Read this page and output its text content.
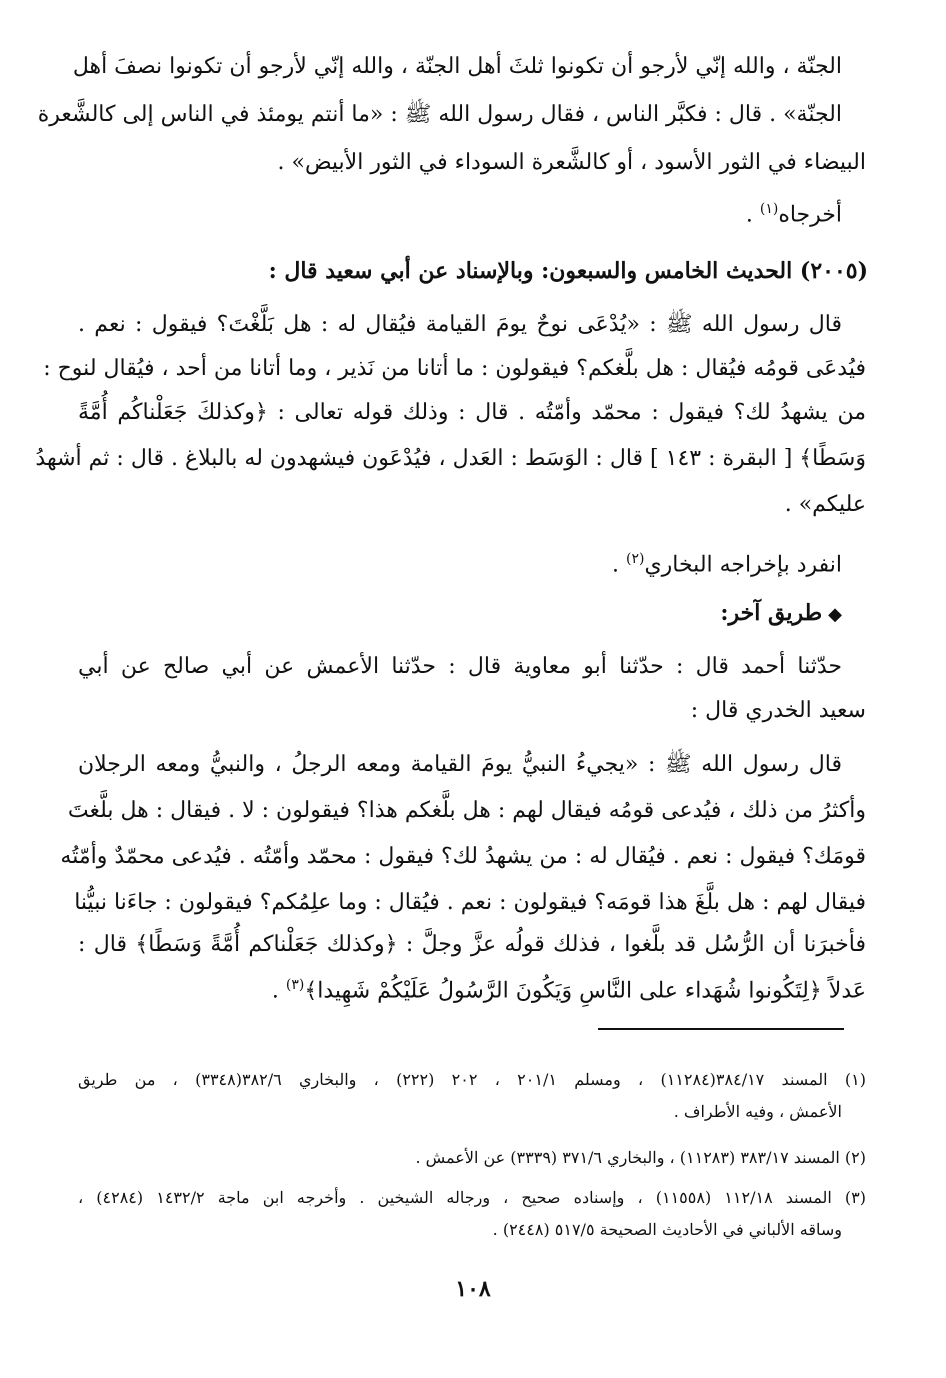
الجنّة ، والله إنّي لأرجو أن تكونوا ثلثَ أهل الجنّة ، والله إنّي لأرجو أن تكونوا نصفَ أهل
الجنّة» . قال : فكبَّر الناس ، فقال رسول الله ﷺ : «ما أنتم يومئذ في الناس إلى كالشَّعرة
البيضاء في الثور الأسود ، أو كالشَّعرة السوداء في الثور الأبيض» .
أخرجاه$^{(١)}$ .
(٢٠٠٥) الحديث الخامس والسبعون: وبالإسناد عن أبي سعيد قال :
قال رسول الله ﷺ : «يُدْعَى نوحٌ يومَ القيامة فيُقال له : هل بَلَّغْتَ؟ فيقول : نعم .
فيُدعَى قومُه فيُقال : هل بلَّغكم؟ فيقولون : ما أتانا من نَذير ، وما أتانا من أحد ، فيُقال لنوح :
من يشهدُ لك؟ فيقول : محمّد وأمّتُه . قال : وذلك قوله تعالى : ﴿وكذلكَ جَعَلْناكُم أُمَّةً
وَسَطًا﴾ [ البقرة : ١٤٣ ] قال : الوَسَط : العَدل ، فيُدْعَون فيشهدون له بالبلاغ . قال : ثم أشهدُ
عليكم» .
انفرد بإخراجه البخاري$^{(٢)}$ .
◆طريق آخر:
حدّثنا أحمد قال : حدّثنا أبو معاوية قال : حدّثنا الأعمش عن أبي صالح عن أبي
سعيد الخدري قال :
قال رسول الله ﷺ : «يجيءُ النبيُّ يومَ القيامة ومعه الرجلُ ، والنبيُّ ومعه الرجلان
وأكثرُ من ذلك ، فيُدعى قومُه فيقال لهم : هل بلَّغكم هذا؟ فيقولون : لا . فيقال : هل بلَّغتَ
قومَك؟ فيقول : نعم . فيُقال له : من يشهدُ لك؟ فيقول : محمّد وأمّتُه . فيُدعى محمّدٌ وأمّتُه
فيقال لهم : هل بلَّغَ هذا قومَه؟ فيقولون : نعم . فيُقال : وما علِمُكم؟ فيقولون : جاءَنا نبيُّنا
فأخبرَنا أن الرُّسُل قد بلَّغوا ، فذلك قولُه عزَّ وجلَّ : ﴿وكذلك جَعَلْناكم أُمَّةً وَسَطًا﴾ قال :
عَدلاً ﴿لِتَكُونوا شُهَداء على النَّاسِ وَيَكُونَ الرَّسُولُ عَلَيْكُمْ شَهِيدا﴾$^{(٣)}$ .
(١) المسند ٣٨٤/١٧(١١٢٨٤) ، ومسلم ٢٠١/١ ، ٢٠٢ (٢٢٢) ، والبخاري ٣٨٢/٦(٣٣٤٨) ، من طريق
الأعمش ، وفيه الأطراف .
(٢) المسند ٣٨٣/١٧ (١١٢٨٣) ، والبخاري ٣٧١/٦ (٣٣٣٩) عن الأعمش .
(٣) المسند ١١٢/١٨ (١١٥٥٨) ، وإسناده صحيح ، ورجاله الشيخين . وأخرجه ابن ماجة ١٤٣٢/٢ (٤٢٨٤) ،
وساقه الألباني في الأحاديث الصحيحة ٥١٧/٥ (٢٤٤٨) .
١٠٨
